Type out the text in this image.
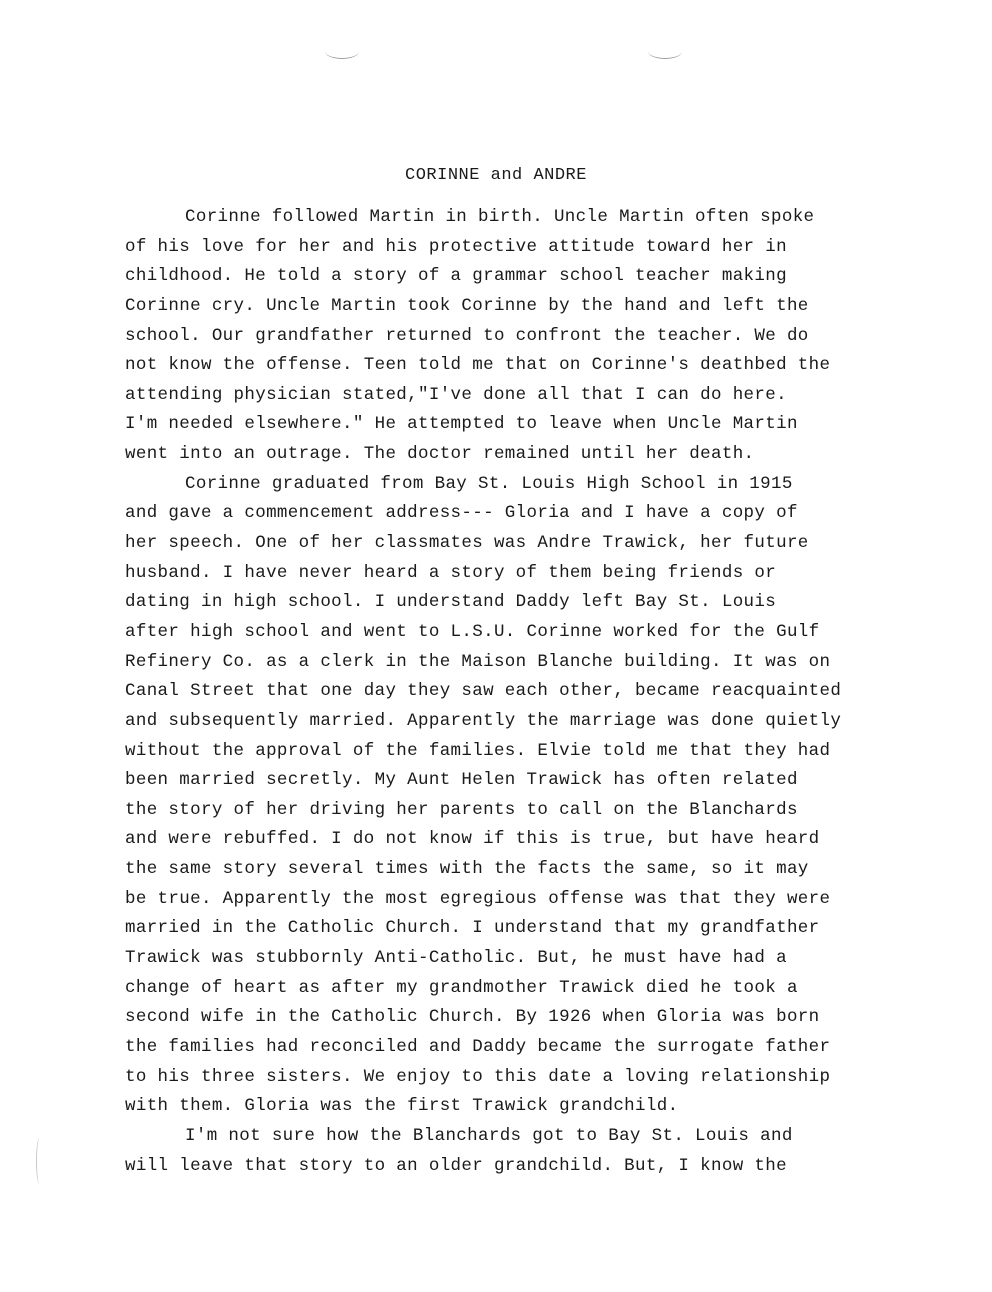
CORINNE and ANDRE
Corinne followed Martin in birth. Uncle Martin often spoke
of his love for her and his protective attitude toward her in
childhood. He told a story of a grammar school teacher making
Corinne cry. Uncle Martin took Corinne by the hand and left the
school. Our grandfather returned to confront the teacher. We do
not know the offense. Teen told me that on Corinne's deathbed the
attending physician stated,"I've done all that I can do here.
I'm needed elsewhere." He attempted to leave when Uncle Martin
went into an outrage. The doctor remained until her death.
Corinne graduated from Bay St. Louis High School in 1915
and gave a commencement address--- Gloria and I have a copy of
her speech. One of her classmates was Andre Trawick, her future
husband. I have never heard a story of them being friends or
dating in high school. I understand Daddy left Bay St. Louis
after high school and went to L.S.U. Corinne worked for the Gulf
Refinery Co. as a clerk in the Maison Blanche building. It was on
Canal Street that one day they saw each other, became reacquainted
and subsequently married. Apparently the marriage was done quietly
without the approval of the families. Elvie told me that they had
been married secretly. My Aunt Helen Trawick has often related
the story of her driving her parents to call on the Blanchards
and were rebuffed. I do not know if this is true, but have heard
the same story several times with the facts the same, so it may
be true. Apparently the most egregious offense was that they were
married in the Catholic Church. I understand that my grandfather
Trawick was stubbornly Anti-Catholic. But, he must have had a
change of heart as after my grandmother Trawick died he took a
second wife in the Catholic Church. By 1926 when Gloria was born
the families had reconciled and Daddy became the surrogate father
to his three sisters. We enjoy to this date a loving relationship
with them. Gloria was the first Trawick grandchild.
I'm not sure how the Blanchards got to Bay St. Louis and
will leave that story to an older grandchild. But, I know the
